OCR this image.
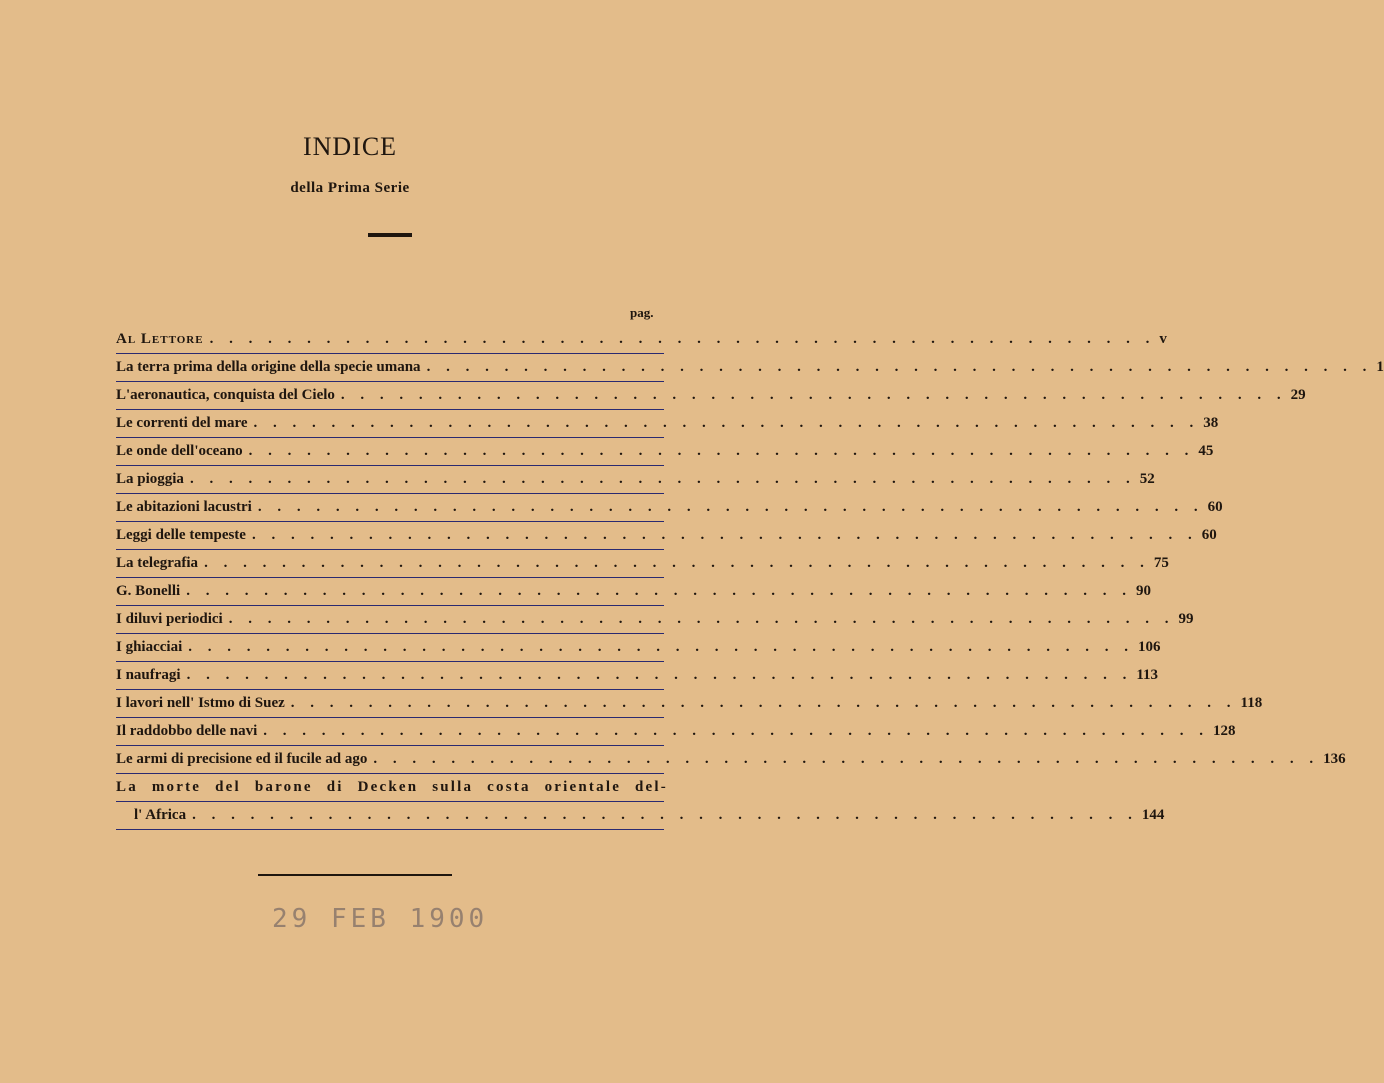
INDICE
della Prima Serie
pag.
Al Lettore . . . . . . . . . . . . . . . . . . . . . . . . . . . . . . . . . . . . . . . . . . . . . . . . . v
La terra prima della origine della specie umana . . . . . . . . . . . . . . . . . . . . . . . . . . . . . . . . . . . . . . . . . . . . . . . . . 1
L'aeronautica, conquista del Cielo . . . . . . . . . . . . . . . . . . . . . . . . . . . . . . . . . . . . . . . . . . . . . . . . . 29
Le correnti del mare . . . . . . . . . . . . . . . . . . . . . . . . . . . . . . . . . . . . . . . . . . . . . . . . . 38
Le onde dell'oceano . . . . . . . . . . . . . . . . . . . . . . . . . . . . . . . . . . . . . . . . . . . . . . . . . 45
La pioggia . . . . . . . . . . . . . . . . . . . . . . . . . . . . . . . . . . . . . . . . . . . . . . . . . 52
Le abitazioni lacustri . . . . . . . . . . . . . . . . . . . . . . . . . . . . . . . . . . . . . . . . . . . . . . . . . 60
Leggi delle tempeste . . . . . . . . . . . . . . . . . . . . . . . . . . . . . . . . . . . . . . . . . . . . . . . . . 60
La telegrafia . . . . . . . . . . . . . . . . . . . . . . . . . . . . . . . . . . . . . . . . . . . . . . . . . 75
G. Bonelli . . . . . . . . . . . . . . . . . . . . . . . . . . . . . . . . . . . . . . . . . . . . . . . . . 90
I diluvi periodici . . . . . . . . . . . . . . . . . . . . . . . . . . . . . . . . . . . . . . . . . . . . . . . . . 99
I ghiacciai . . . . . . . . . . . . . . . . . . . . . . . . . . . . . . . . . . . . . . . . . . . . . . . . . 106
I naufragi . . . . . . . . . . . . . . . . . . . . . . . . . . . . . . . . . . . . . . . . . . . . . . . . . 113
I lavori nell' Istmo di Suez . . . . . . . . . . . . . . . . . . . . . . . . . . . . . . . . . . . . . . . . . . . . . . . . . 118
Il raddobbo delle navi . . . . . . . . . . . . . . . . . . . . . . . . . . . . . . . . . . . . . . . . . . . . . . . . . 128
Le armi di precisione ed il fucile ad ago . . . . . . . . . . . . . . . . . . . . . . . . . . . . . . . . . . . . . . . . . . . . . . . . . 136
La morte del barone di Decken sulla costa orientale del-
l' Africa . . . . . . . . . . . . . . . . . . . . . . . . . . . . . . . . . . . . . . . . . . . . . . . . . 144
29 FEB 1900
